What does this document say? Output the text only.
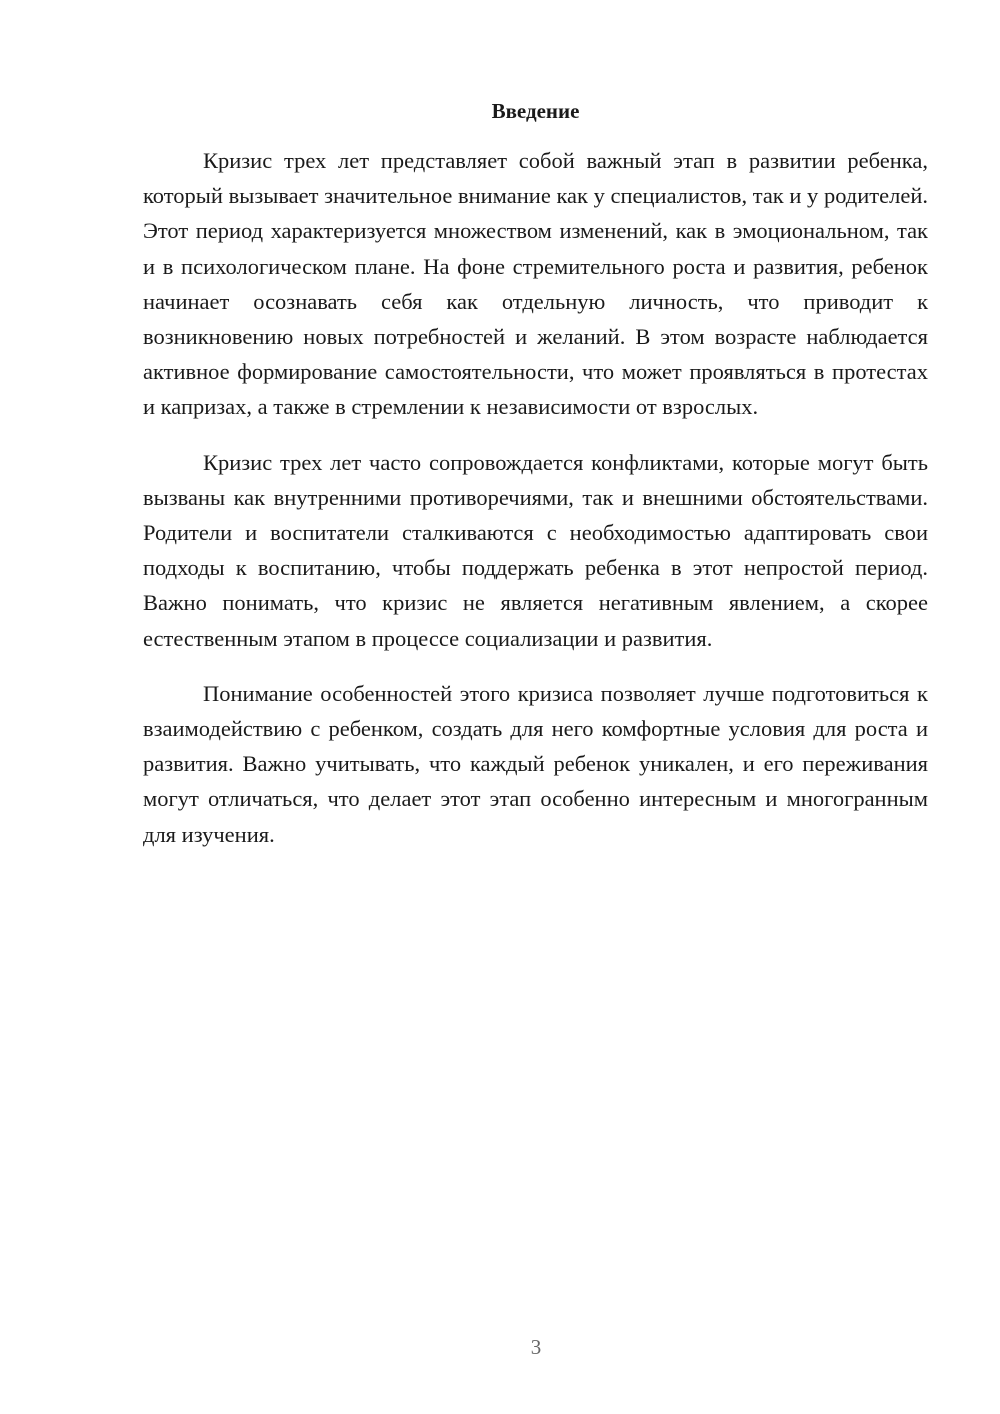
Введение

Кризис трех лет представляет собой важный этап в развитии ребенка, который вызывает значительное внимание как у специалистов, так и у родителей. Этот период характеризуется множеством изменений, как в эмоциональном, так и в психологическом плане. На фоне стремительного роста и развития, ребенок начинает осознавать себя как отдельную личность, что приводит к возникновению новых потребностей и желаний. В этом возрасте наблюдается активное формирование самостоятельности, что может проявляться в протестах и капризах, а также в стремлении к независимости от взрослых.

Кризис трех лет часто сопровождается конфликтами, которые могут быть вызваны как внутренними противоречиями, так и внешними обстоятельствами. Родители и воспитатели сталкиваются с необходимостью адаптировать свои подходы к воспитанию, чтобы поддержать ребенка в этот непростой период. Важно понимать, что кризис не является негативным явлением, а скорее естественным этапом в процессе социализации и развития.

Понимание особенностей этого кризиса позволяет лучше подготовиться к взаимодействию с ребенком, создать для него комфортные условия для роста и развития. Важно учитывать, что каждый ребенок уникален, и его переживания могут отличаться, что делает этот этап особенно интересным и многогранным для изучения.

3
